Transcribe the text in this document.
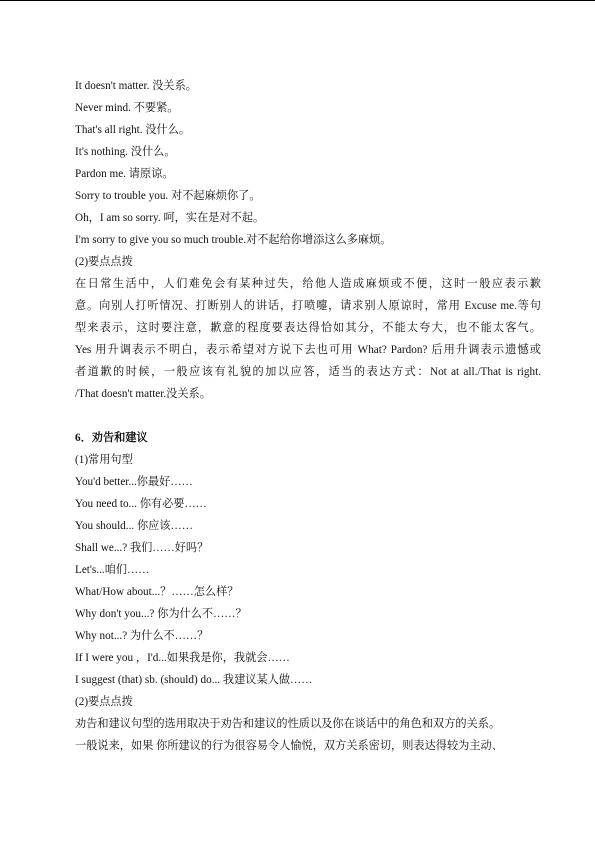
It doesn't matter. 没关系。
Never mind. 不要紧。
That's all right. 没什么。
It's nothing. 没什么。
Pardon me. 请原谅。
Sorry to trouble you. 对不起麻烦你了。
Oh，I am so sorry. 呵，实在是对不起。
I'm sorry to give you so much trouble.对不起给你增添这么多麻烦。
(2)要点点拨
在日常生活中，人们难免会有某种过失，给他人造成麻烦或不便，这时一般应表示歉
意。向别人打听情况、打断别人的讲话，打喷嚏，请求别人原谅时，常用 Excuse me.等句
型来表示，这时要注意，歉意的程度要表达得恰如其分，不能太夸大，也不能太客气。
Yes 用升调表示不明白，表示希望对方说下去也可用 What? Pardon? 后用升调表示遗憾或
者道歉的时候，一般应该有礼貌的加以应答，适当的表达方式：Not at all./That is right.
/That doesn't matter.没关系。
6．劝告和建议
(1)常用句型
You'd better...你最好……
You need to... 你有必要……
You should... 你应该……
Shall we...? 我们……好吗？
Let's...咱们……
What/How about...？……怎么样？
Why don't you...? 你为什么不……？
Why not...? 为什么不……？
If I were you ，I'd...如果我是你，我就会……
I suggest (that) sb. (should) do... 我建议某人做……
(2)要点点拨
劝告和建议句型的选用取决于劝告和建议的性质以及你在谈话中的角色和双方的关系。
一般说来，如果 你所建议的行为很容易令人愉悦，双方关系密切，则表达得较为主动、
